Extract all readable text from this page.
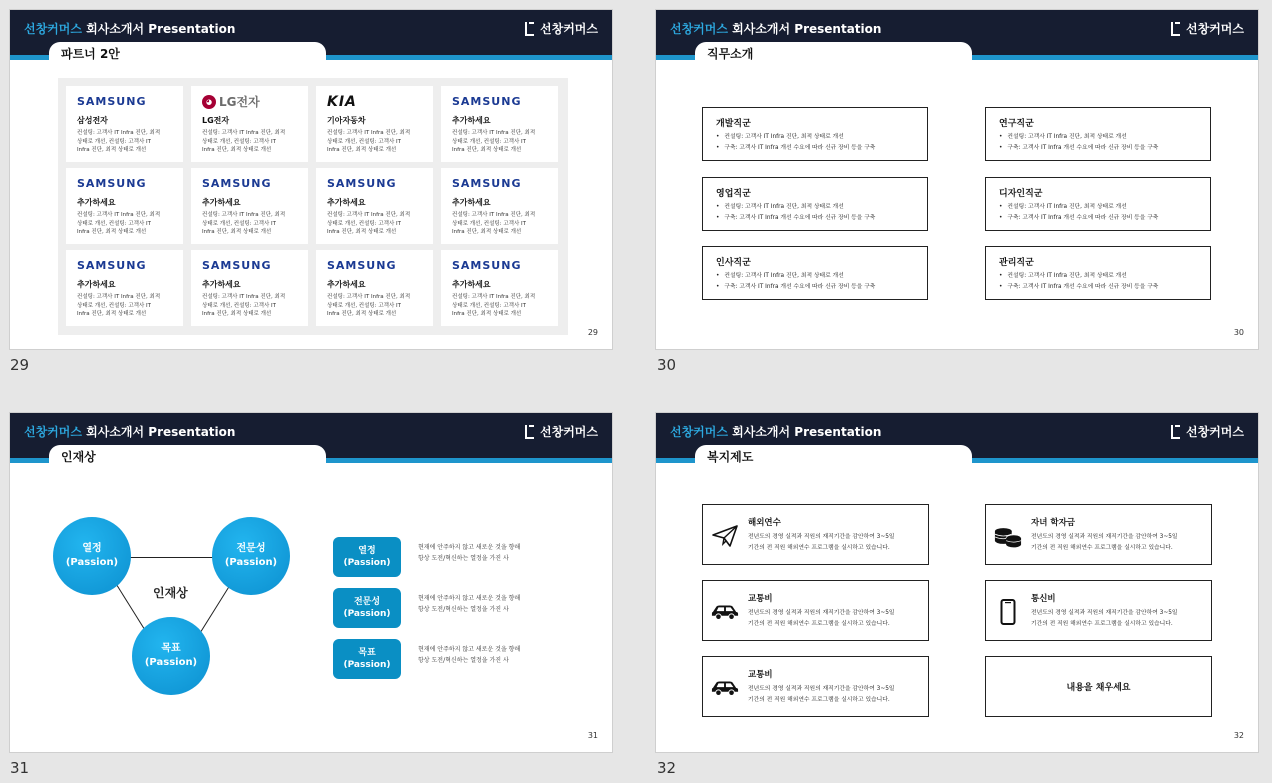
선창커머스 회사소개서 Presentation	선창커머스
파트너 2안
SAMSUNG
삼성전자
컨설팅: 고객사 IT Infra 진단, 최적
상태로 개선, 컨설팅: 고객사 IT
Infra 진단, 최적 상태로 개선
◕ LG전자
LG전자
컨설팅: 고객사 IT Infra 진단, 최적
상태로 개선, 컨설팅: 고객사 IT
Infra 진단, 최적 상태로 개선
KIA
기아자동차
컨설팅: 고객사 IT Infra 진단, 최적
상태로 개선, 컨설팅: 고객사 IT
Infra 진단, 최적 상태로 개선
SAMSUNG
추가하세요
컨설팅: 고객사 IT Infra 진단, 최적
상태로 개선, 컨설팅: 고객사 IT
Infra 진단, 최적 상태로 개선
SAMSUNG
추가하세요
컨설팅: 고객사 IT Infra 진단, 최적
상태로 개선, 컨설팅: 고객사 IT
Infra 진단, 최적 상태로 개선
SAMSUNG
추가하세요
컨설팅: 고객사 IT Infra 진단, 최적
상태로 개선, 컨설팅: 고객사 IT
Infra 진단, 최적 상태로 개선
SAMSUNG
추가하세요
컨설팅: 고객사 IT Infra 진단, 최적
상태로 개선, 컨설팅: 고객사 IT
Infra 진단, 최적 상태로 개선
SAMSUNG
추가하세요
컨설팅: 고객사 IT Infra 진단, 최적
상태로 개선, 컨설팅: 고객사 IT
Infra 진단, 최적 상태로 개선
SAMSUNG
추가하세요
컨설팅: 고객사 IT Infra 진단, 최적
상태로 개선, 컨설팅: 고객사 IT
Infra 진단, 최적 상태로 개선
SAMSUNG
추가하세요
컨설팅: 고객사 IT Infra 진단, 최적
상태로 개선, 컨설팅: 고객사 IT
Infra 진단, 최적 상태로 개선
SAMSUNG
추가하세요
컨설팅: 고객사 IT Infra 진단, 최적
상태로 개선, 컨설팅: 고객사 IT
Infra 진단, 최적 상태로 개선
SAMSUNG
추가하세요
컨설팅: 고객사 IT Infra 진단, 최적
상태로 개선, 컨설팅: 고객사 IT
Infra 진단, 최적 상태로 개선
29
29
선창커머스 회사소개서 Presentation	선창커머스
직무소개
개발직군
• 컨설팅: 고객사 IT Infra 진단, 최적 상태로 개선
• 구축: 고객사 IT Infra 개선 수요에 따라 신규 장비 등을 구축
연구직군
• 컨설팅: 고객사 IT Infra 진단, 최적 상태로 개선
• 구축: 고객사 IT Infra 개선 수요에 따라 신규 장비 등을 구축
영업직군
• 컨설팅: 고객사 IT Infra 진단, 최적 상태로 개선
• 구축: 고객사 IT Infra 개선 수요에 따라 신규 장비 등을 구축
디자인직군
• 컨설팅: 고객사 IT Infra 진단, 최적 상태로 개선
• 구축: 고객사 IT Infra 개선 수요에 따라 신규 장비 등을 구축
인사직군
• 컨설팅: 고객사 IT Infra 진단, 최적 상태로 개선
• 구축: 고객사 IT Infra 개선 수요에 따라 신규 장비 등을 구축
관리직군
• 컨설팅: 고객사 IT Infra 진단, 최적 상태로 개선
• 구축: 고객사 IT Infra 개선 수요에 따라 신규 장비 등을 구축
30
30
선창커머스 회사소개서 Presentation	선창커머스
인재상
열정
(Passion)
전문성
(Passion)
목표
(Passion)
인재상
열정
(Passion)
현재에 안주하지 않고 새로운 것을 향해
항상 도전/혁신하는 열정을 가진 사
전문성
(Passion)
현재에 안주하지 않고 새로운 것을 향해
항상 도전/혁신하는 열정을 가진 사
목표
(Passion)
현재에 안주하지 않고 새로운 것을 향해
항상 도전/혁신하는 열정을 가진 사
31
31
선창커머스 회사소개서 Presentation	선창커머스
복지제도
해외연수
전년도의 경영 실적과 직원의 재직기간을 감안하여 3~5일
기간의 전 직원 해외연수 프로그램을 실시하고 있습니다.
자녀 학자금
전년도의 경영 실적과 직원의 재직기간을 감안하여 3~5일
기간의 전 직원 해외연수 프로그램을 실시하고 있습니다.
교통비
전년도의 경영 실적과 직원의 재직기간을 감안하여 3~5일
기간의 전 직원 해외연수 프로그램을 실시하고 있습니다.
통신비
전년도의 경영 실적과 직원의 재직기간을 감안하여 3~5일
기간의 전 직원 해외연수 프로그램을 실시하고 있습니다.
교통비
전년도의 경영 실적과 직원의 재직기간을 감안하여 3~5일
기간의 전 직원 해외연수 프로그램을 실시하고 있습니다.
내용을 채우세요
32
32
